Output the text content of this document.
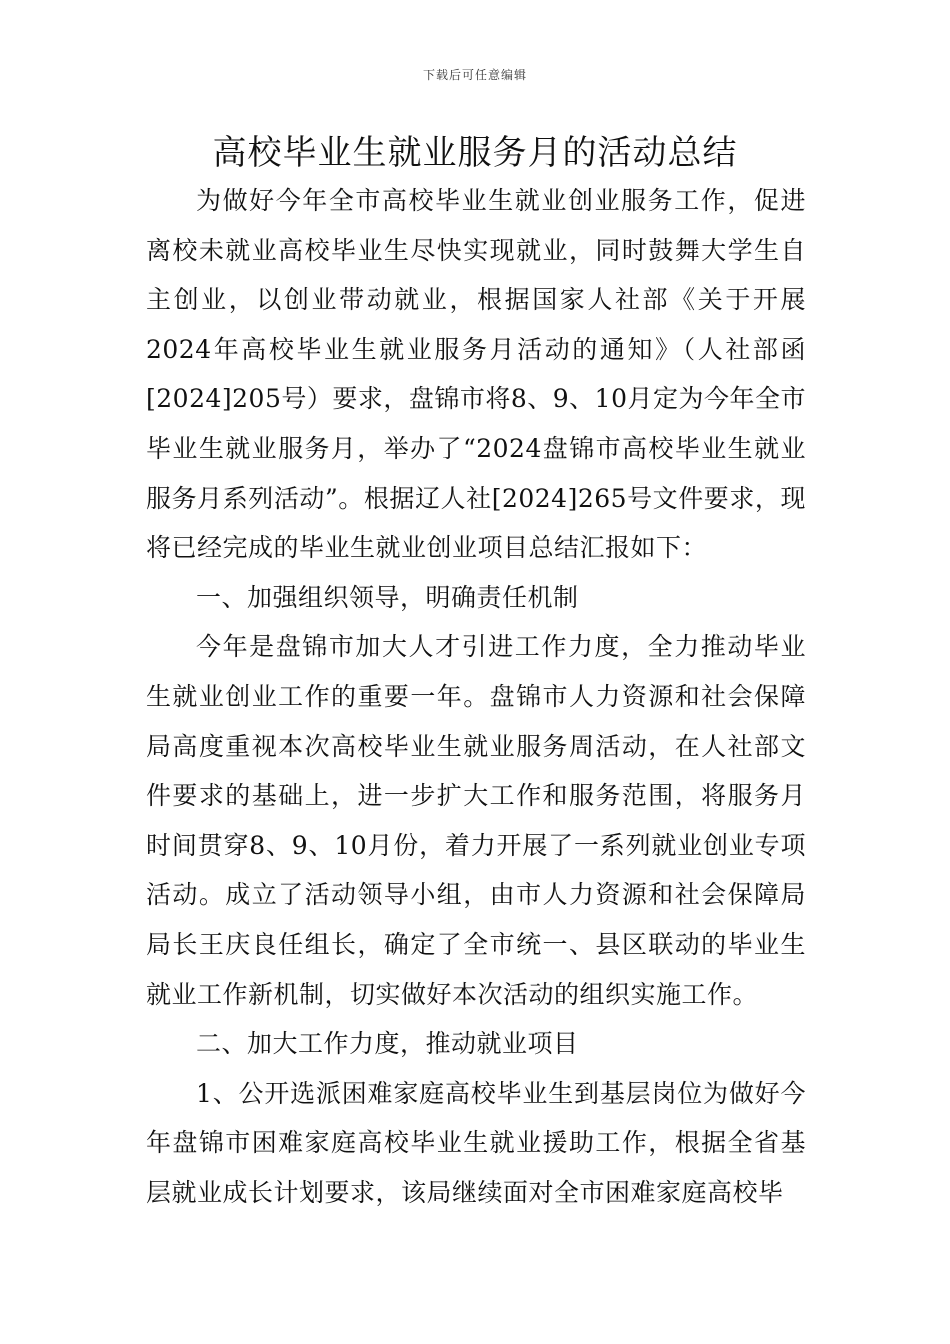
下载后可任意编辑
高校毕业生就业服务月的活动总结

为做好今年全市高校毕业生就业创业服务工作，促进离校未就业高校毕业生尽快实现就业，同时鼓舞大学生自主创业，以创业带动就业，根据国家人社部《关于开展2024年高校毕业生就业服务月活动的通知》（人社部函[2024]205号）要求，盘锦市将8、9、10月定为今年全市毕业生就业服务月，举办了“2024盘锦市高校毕业生就业服务月系列活动”。根据辽人社[2024]265号文件要求，现将已经完成的毕业生就业创业项目总结汇报如下：

一、加强组织领导，明确责任机制

今年是盘锦市加大人才引进工作力度，全力推动毕业生就业创业工作的重要一年。盘锦市人力资源和社会保障局高度重视本次高校毕业生就业服务周活动，在人社部文件要求的基础上，进一步扩大工作和服务范围，将服务月时间贯穿8、9、10月份，着力开展了一系列就业创业专项活动。成立了活动领导小组，由市人力资源和社会保障局局长王庆良任组长，确定了全市统一、县区联动的毕业生就业工作新机制，切实做好本次活动的组织实施工作。

二、加大工作力度，推动就业项目

1、公开选派困难家庭高校毕业生到基层岗位为做好今年盘锦市困难家庭高校毕业生就业援助工作，根据全省基层就业成长计划要求，该局继续面对全市困难家庭高校毕
